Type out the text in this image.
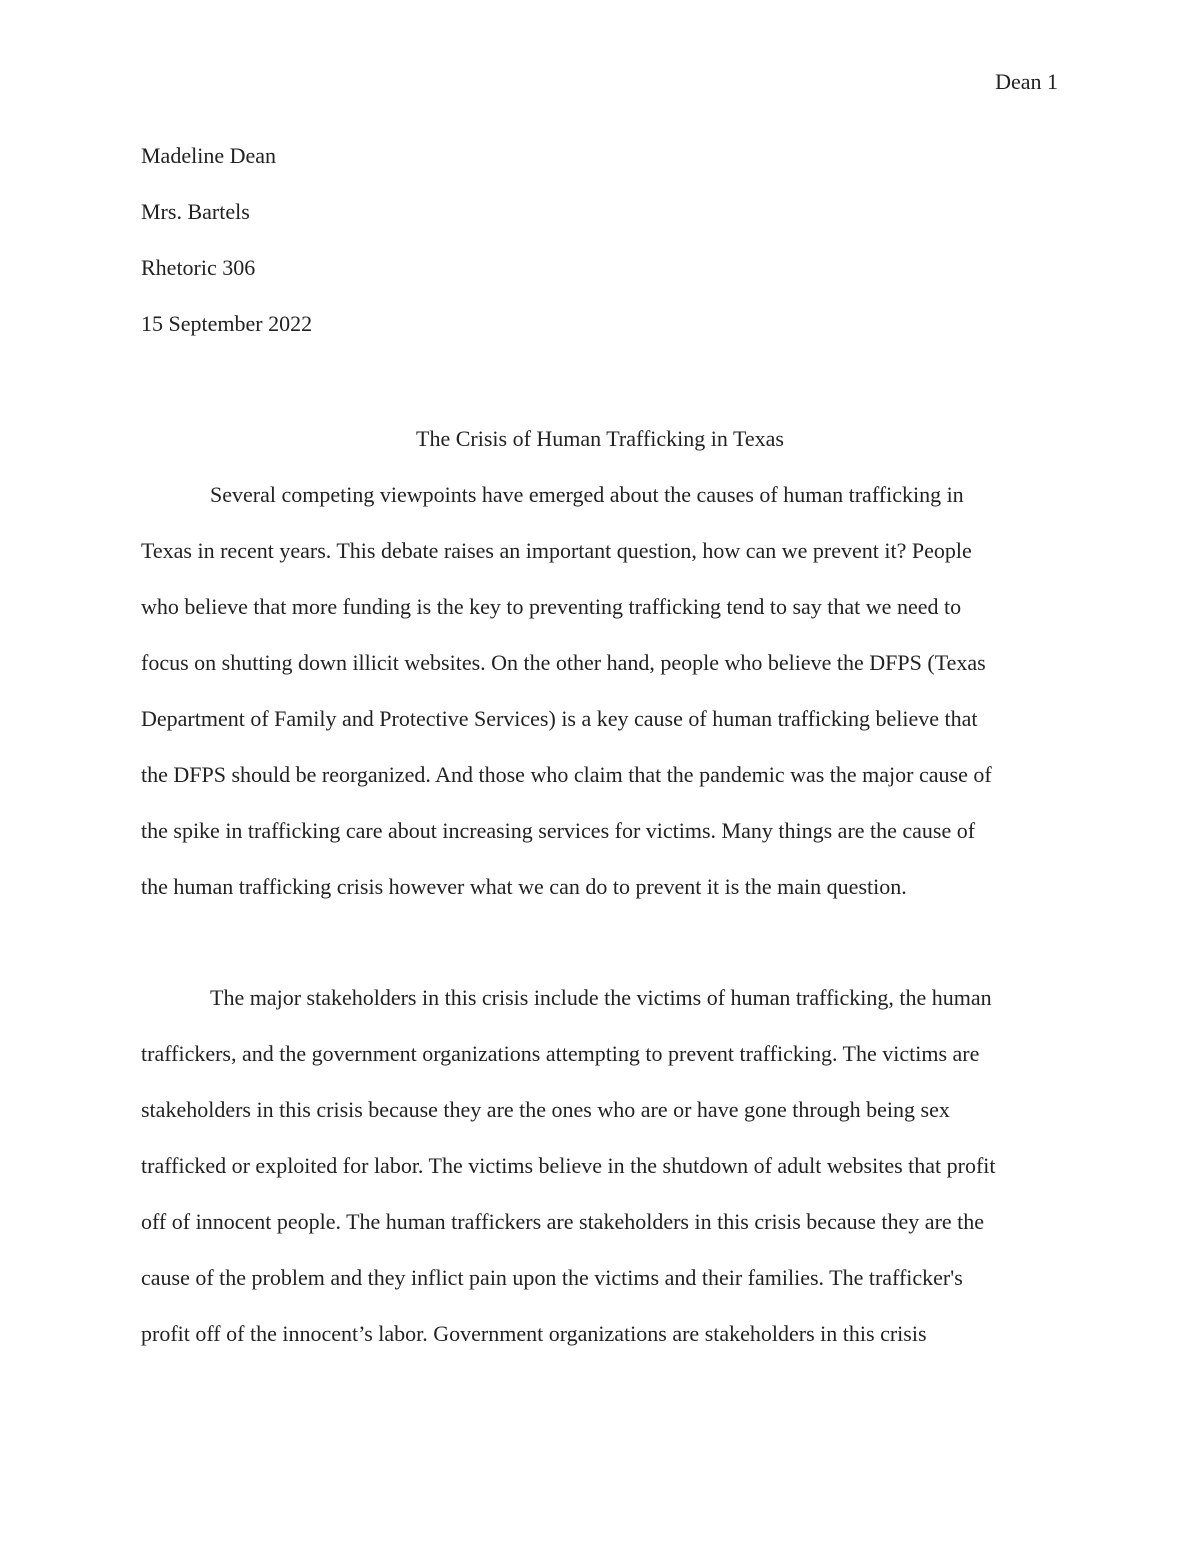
Dean 1
Madeline Dean
Mrs. Bartels
Rhetoric 306
15 September 2022
The Crisis of Human Trafficking in Texas

Several competing viewpoints have emerged about the causes of human trafficking in
Texas in recent years. This debate raises an important question, how can we prevent it? People
who believe that more funding is the key to preventing trafficking tend to say that we need to
focus on shutting down illicit websites. On the other hand, people who believe the DFPS (Texas
Department of Family and Protective Services) is a key cause of human trafficking believe that
the DFPS should be reorganized. And those who claim that the pandemic was the major cause of
the spike in trafficking care about increasing services for victims. Many things are the cause of
the human trafficking crisis however what we can do to prevent it is the main question.

The major stakeholders in this crisis include the victims of human trafficking, the human
traffickers, and the government organizations attempting to prevent trafficking. The victims are
stakeholders in this crisis because they are the ones who are or have gone through being sex
trafficked or exploited for labor. The victims believe in the shutdown of adult websites that profit
off of innocent people. The human traffickers are stakeholders in this crisis because they are the
cause of the problem and they inflict pain upon the victims and their families. The trafficker's
profit off of the innocent’s labor. Government organizations are stakeholders in this crisis
